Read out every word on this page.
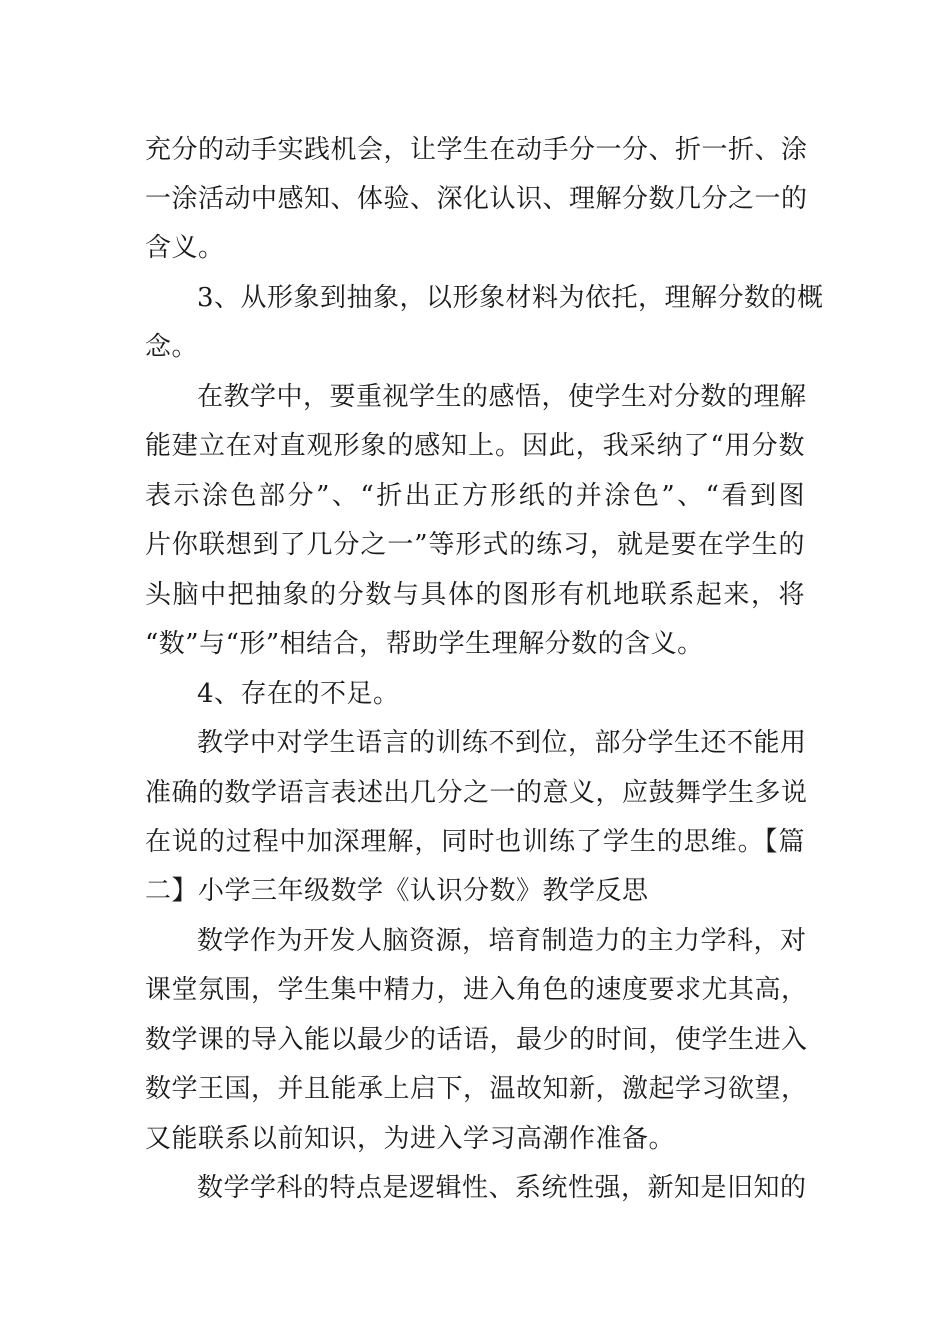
充分的动手实践机会，让学生在动手分一分、折一折、涂
一涂活动中感知、体验、深化认识、理解分数几分之一的
含义。
3、从形象到抽象，以形象材料为依托，理解分数的概
念。
在教学中，要重视学生的感悟，使学生对分数的理解
能建立在对直观形象的感知上。因此，我采纳了“用分数
表示涂色部分”、“折出正方形纸的并涂色”、“看到图
片你联想到了几分之一”等形式的练习，就是要在学生的
头脑中把抽象的分数与具体的图形有机地联系起来，将
“数”与“形”相结合，帮助学生理解分数的含义。
4、存在的不足。
教学中对学生语言的训练不到位，部分学生还不能用
准确的数学语言表述出几分之一的意义，应鼓舞学生多说
在说的过程中加深理解，同时也训练了学生的思维。【篇
二】小学三年级数学《认识分数》教学反思
数学作为开发人脑资源，培育制造力的主力学科，对
课堂氛围，学生集中精力，进入角色的速度要求尤其高，
数学课的导入能以最少的话语，最少的时间，使学生进入
数学王国，并且能承上启下，温故知新，激起学习欲望，
又能联系以前知识，为进入学习高潮作准备。
数学学科的特点是逻辑性、系统性强，新知是旧知的
